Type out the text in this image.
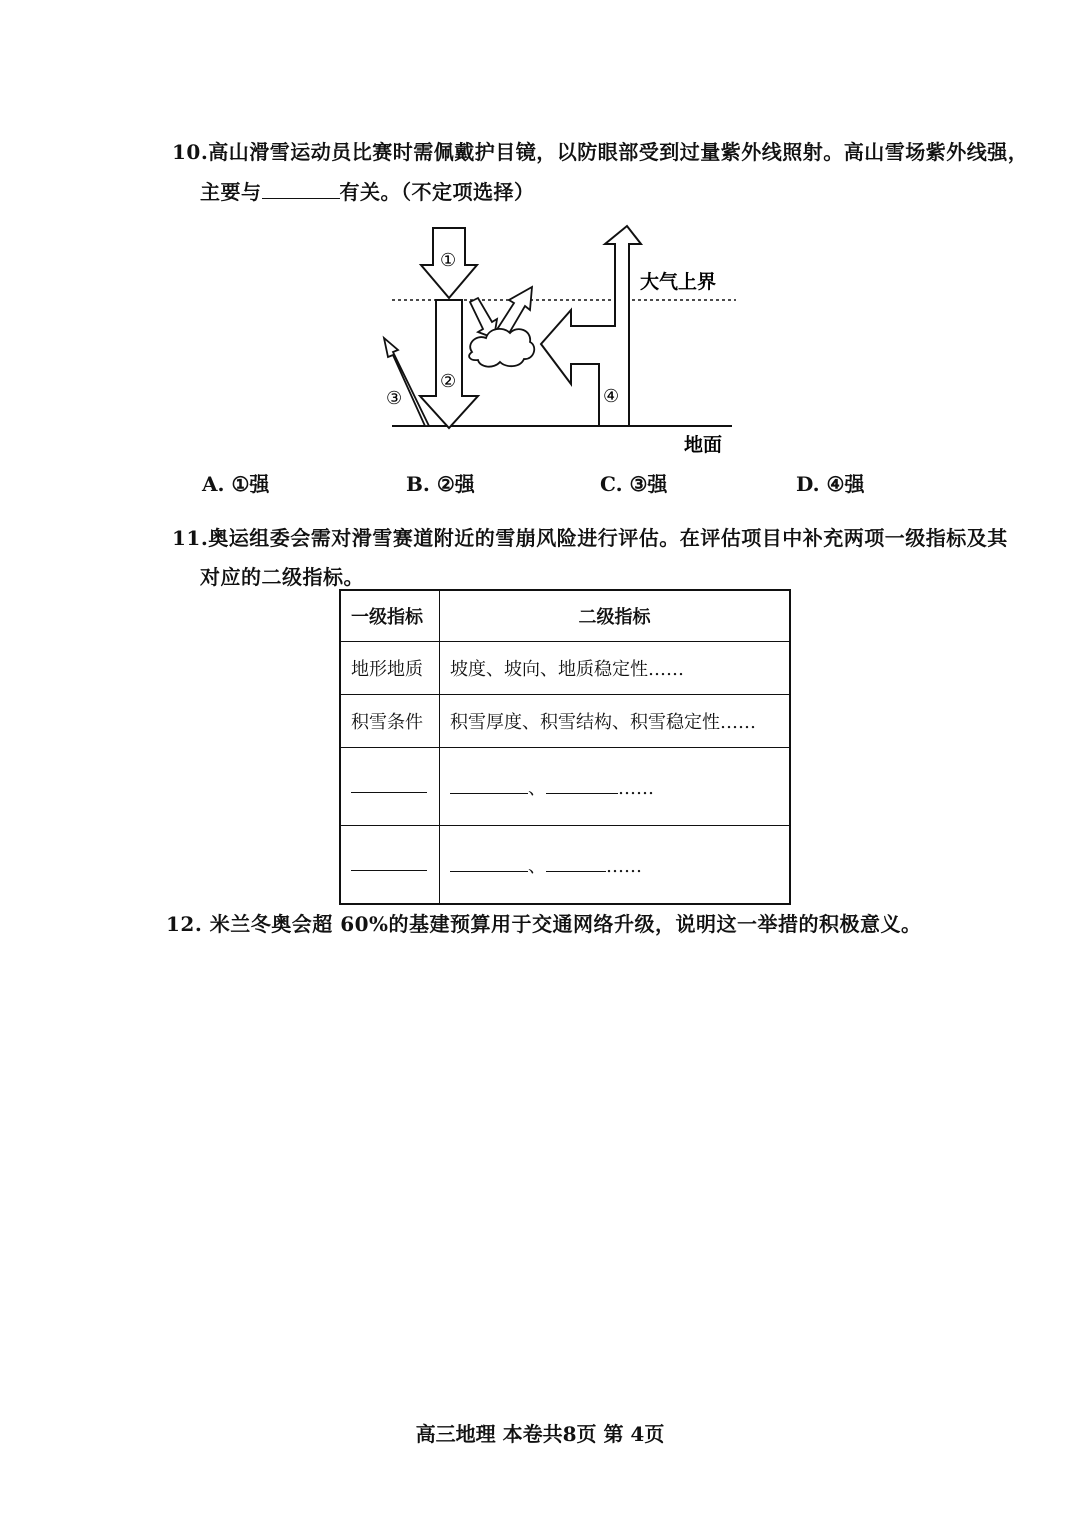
10.高山滑雪运动员比赛时需佩戴护目镜，以防眼部受到过量紫外线照射。高山雪场紫外线强，
主要与	有关。（不定项选择）
①
②
③	④
大气上界
地面
A. ①强	B. ②强	C. ③强	D. ④强
11.奥运组委会需对滑雪赛道附近的雪崩风险进行评估。在评估项目中补充两项一级指标及其
对应的二级指标。
一级指标	二级指标
地形地质	坡度、坡向、地质稳定性……
积雪条件	积雪厚度、积雪结构、积雪稳定性……
	、 ……
	、 ……
12. 米兰冬奥会超 60%的基建预算用于交通网络升级，说明这一举措的积极意义。
高三地理 本卷共8页 第 4页
